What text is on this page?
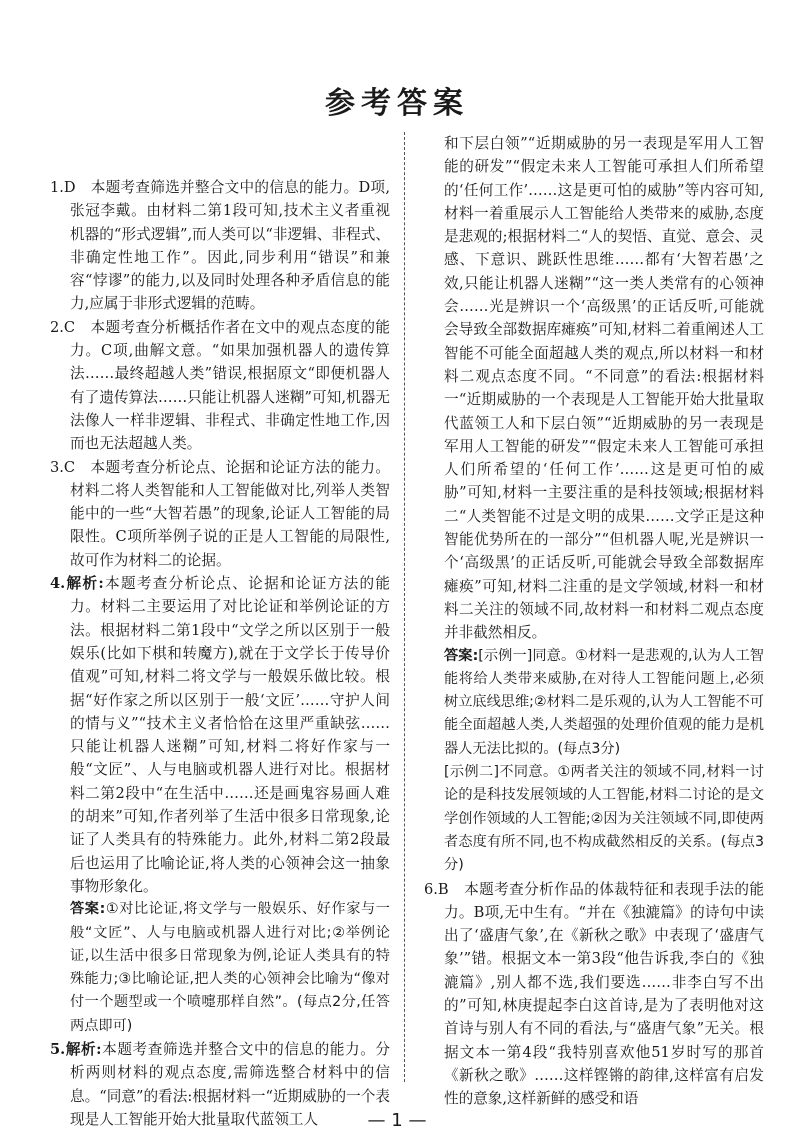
参考答案
1.D　本题考查筛选并整合文中的信息的能力。D项,张冠李戴。由材料二第1段可知,技术主义者重视机器的“形式逻辑”,而人类可以“非逻辑、非程式、非确定性地工作”。因此,同步利用“错误”和兼容“悖谬”的能力,以及同时处理各种矛盾信息的能力,应属于非形式逻辑的范畴。
2.C　本题考查分析概括作者在文中的观点态度的能力。C项,曲解文意。“如果加强机器人的遗传算法……最终超越人类”错误,根据原文“即便机器人有了遗传算法……只能让机器人迷糊”可知,机器无法像人一样非逻辑、非程式、非确定性地工作,因而也无法超越人类。
3.C　本题考查分析论点、论据和论证方法的能力。材料二将人类智能和人工智能做对比,列举人类智能中的一些“大智若愚”的现象,论证人工智能的局限性。C项所举例子说的正是人工智能的局限性,故可作为材料二的论据。
4.解析:本题考查分析论点、论据和论证方法的能力。材料二主要运用了对比论证和举例论证的方法。根据材料二第1段中“文学之所以区别于一般娱乐(比如下棋和转魔方),就在于文学长于传导价值观”可知,材料二将文学与一般娱乐做比较。根据“好作家之所以区别于一般‘文匠’……守护人间的情与义”“技术主义者恰恰在这里严重缺弦……只能让机器人迷糊”可知,材料二将好作家与一般“文匠”、人与电脑或机器人进行对比。根据材料二第2段中“在生活中……还是画鬼容易画人难的胡来”可知,作者列举了生活中很多日常现象,论证了人类具有的特殊能力。此外,材料二第2段最后也运用了比喻论证,将人类的心领神会这一抽象事物形象化。
答案:①对比论证,将文学与一般娱乐、好作家与一般“文匠”、人与电脑或机器人进行对比;②举例论证,以生活中很多日常现象为例,论证人类具有的特殊能力;③比喻论证,把人类的心领神会比喻为“像对付一个题型或一个喷嚏那样自然”。(每点2分,任答两点即可)
5.解析:本题考查筛选并整合文中的信息的能力。分析两则材料的观点态度,需筛选整合材料中的信息。“同意”的看法:根据材料一“近期威胁的一个表现是人工智能开始大批量取代蓝领工人
和下层白领”“近期威胁的另一表现是军用人工智能的研发”“假定未来人工智能可承担人们所希望的‘任何工作’……这是更可怕的威胁”等内容可知,材料一着重展示人工智能给人类带来的威胁,态度是悲观的;根据材料二“人的契悟、直觉、意会、灵感、下意识、跳跃性思维……都有‘大智若愚’之效,只能让机器人迷糊”“这一类人类常有的心领神会……光是辨识一个‘高级黑’的正话反听,可能就会导致全部数据库瘫痪”可知,材料二着重阐述人工智能不可能全面超越人类的观点,所以材料一和材料二观点态度不同。“不同意”的看法:根据材料一“近期威胁的一个表现是人工智能开始大批量取代蓝领工人和下层白领”“近期威胁的另一表现是军用人工智能的研发”“假定未来人工智能可承担人们所希望的‘任何工作’……这是更可怕的威胁”可知,材料一主要注重的是科技领域;根据材料二“人类智能不过是文明的成果……文学正是这种智能优势所在的一部分”“但机器人呢,光是辨识一个‘高级黑’的正话反听,可能就会导致全部数据库瘫痪”可知,材料二注重的是文学领域,材料一和材料二关注的领域不同,故材料一和材料二观点态度并非截然相反。
答案:[示例一]同意。①材料一是悲观的,认为人工智能将给人类带来威胁,在对待人工智能问题上,必须树立底线思维;②材料二是乐观的,认为人工智能不可能全面超越人类,人类超强的处理价值观的能力是机器人无法比拟的。(每点3分)
[示例二]不同意。①两者关注的领域不同,材料一讨论的是科技发展领域的人工智能,材料二讨论的是文学创作领域的人工智能;②因为关注领域不同,即使两者态度有所不同,也不构成截然相反的关系。(每点3分)
6.B　本题考查分析作品的体裁特征和表现手法的能力。B项,无中生有。“并在《独漉篇》的诗句中读出了‘盛唐气象’,在《新秋之歌》中表现了‘盛唐气象’”错。根据文本一第3段“他告诉我,李白的《独漉篇》,别人都不选,我们要选……非李白写不出的”可知,林庚提起李白这首诗,是为了表明他对这首诗与别人有不同的看法,与“盛唐气象”无关。根据文本一第4段“我特别喜欢他51岁时写的那首《新秋之歌》……这样铿锵的韵律,这样富有启发性的意象,这样新鲜的感受和语
— 1 —
